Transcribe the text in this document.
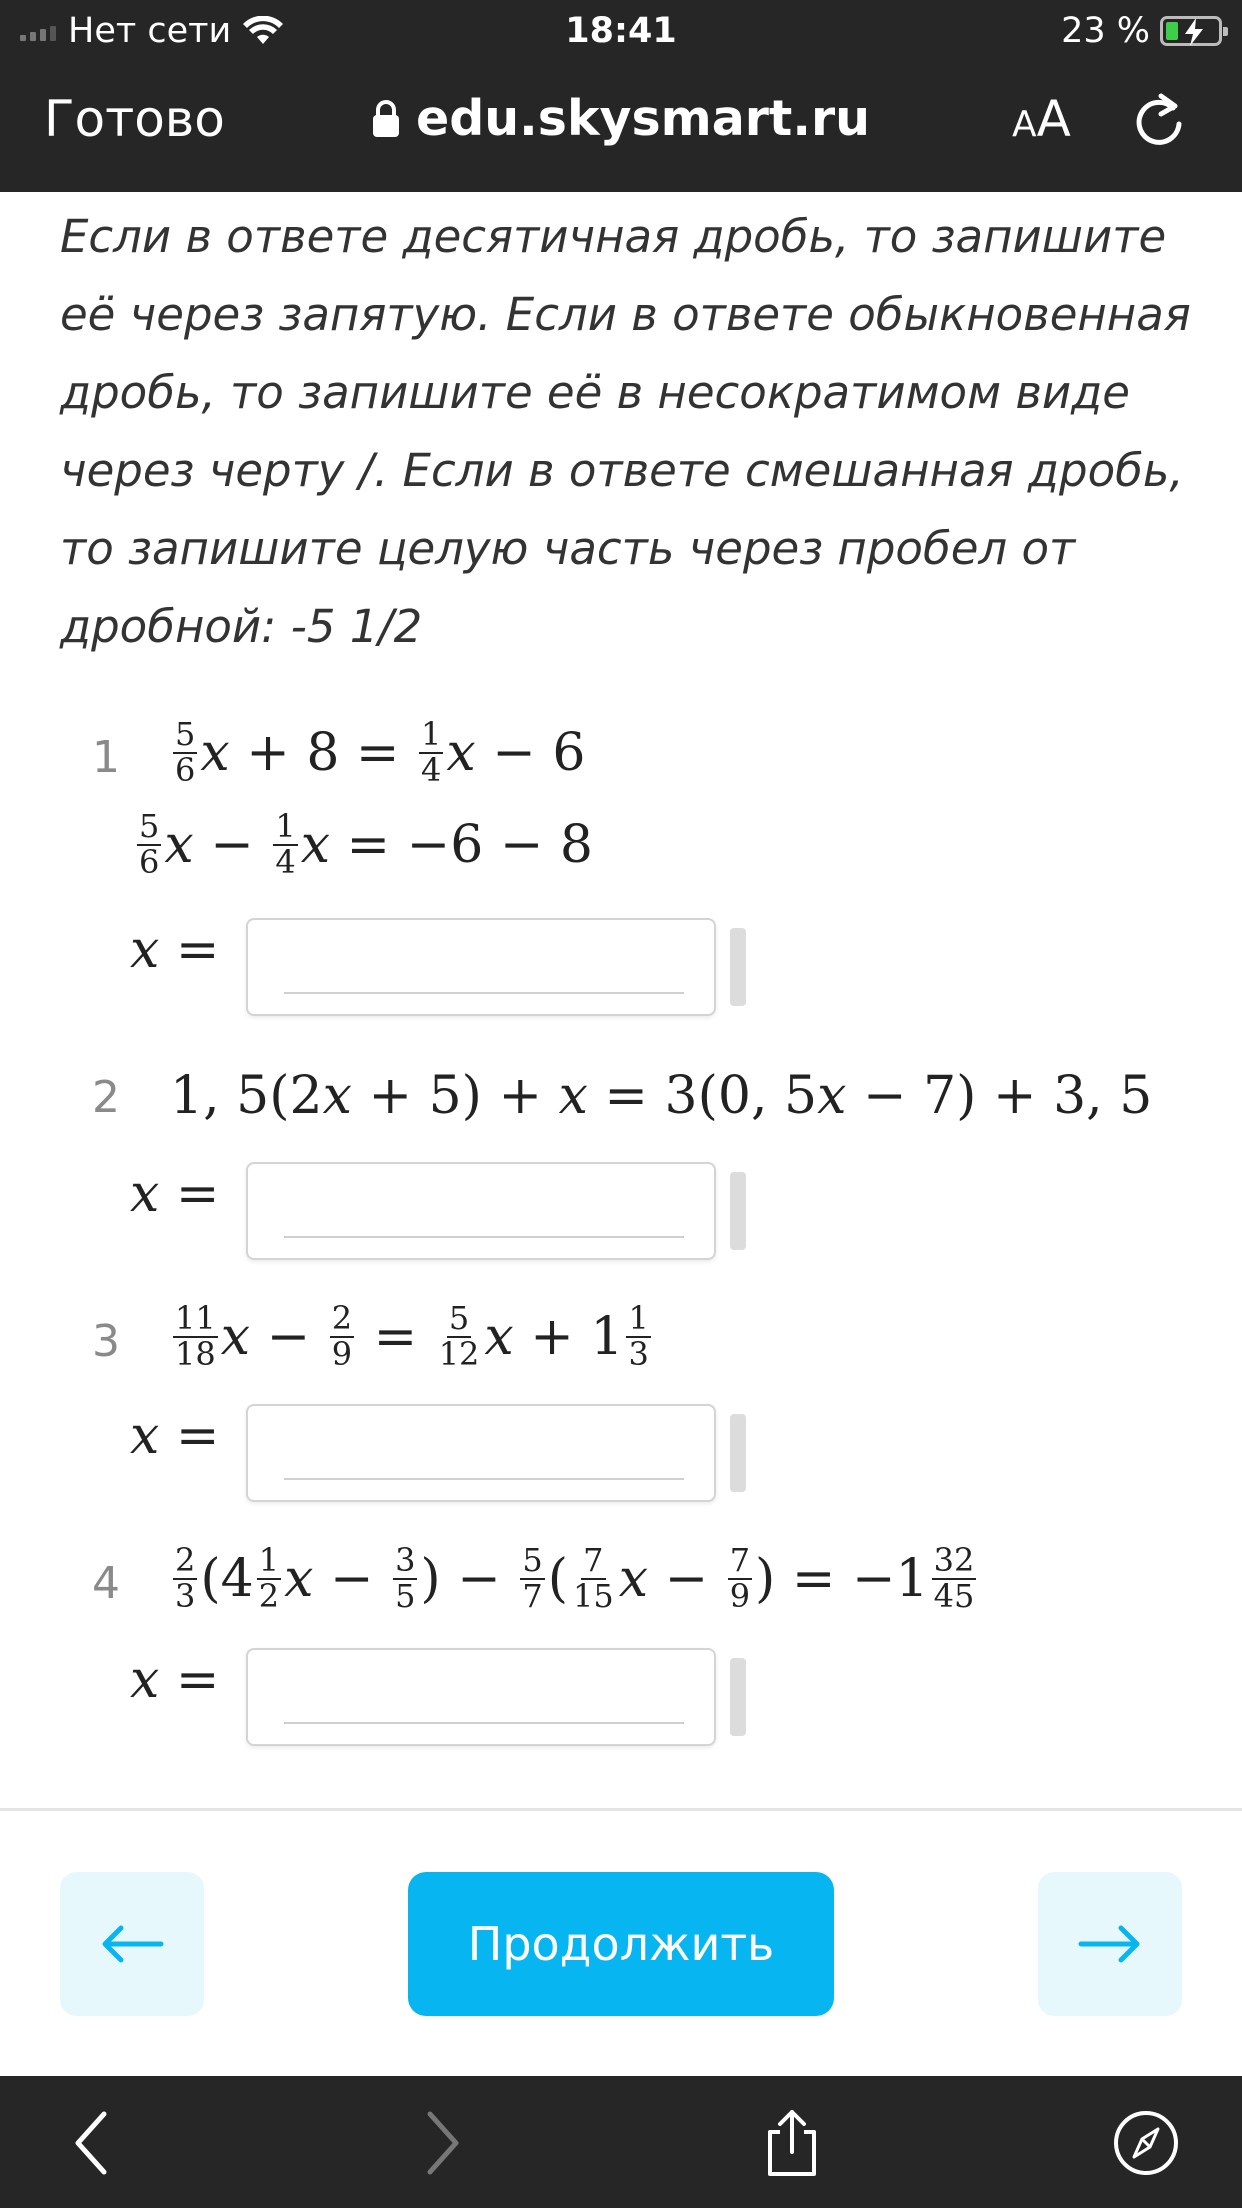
Нет сети	18:41	23 %
Готово	edu.skysmart.ru	AA
Если в ответе десятичная дробь, то запишите её через запятую. Если в ответе обыкновенная дробь, то запишите её в несократимом виде через черту /. Если в ответе смешанная дробь, то запишите целую часть через пробел от дробной: -5 1/2
$1 \frac{5}{6}$ $x + 8 = \frac{1}{4}$ x − 6
$\frac{5}{6}$ $x - \frac{1}{4}$ x = −6 − 8
x =
2 1, 5(2 x + 5) + x = 3(0, 5 x − 7) + 3, 5
x =
$3 \frac{11}{18}$ $x - \frac{2}{9} = \frac{5}{12}$ $x + 1 \frac{1}{3}$
x =
$4 \frac{2}{3} (4 \frac{1}{2}$ $x - \frac{3}{5}$ ) − $\frac{5}{7}$ ( $\frac{7}{15}$ $x - \frac{7}{9}$ ) = $-1 \frac{32}{45}$
x =
Продолжить
